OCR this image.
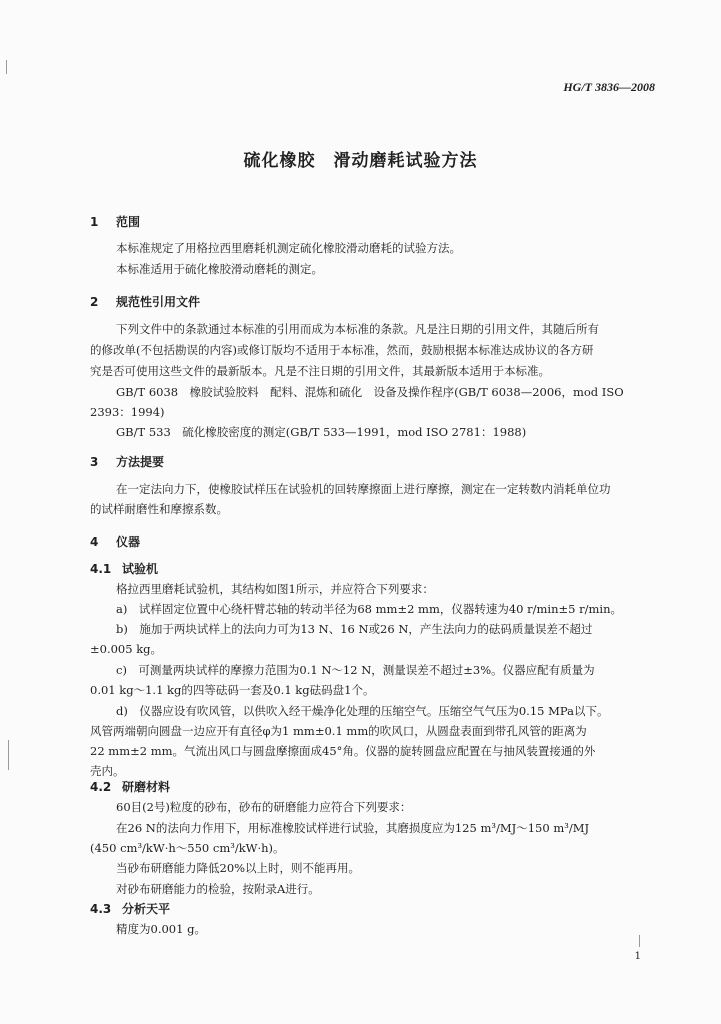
HG/T 3836—2008
硫化橡胶　滑动磨耗试验方法
1 范围
本标准规定了用格拉西里磨耗机测定硫化橡胶滑动磨耗的试验方法。
本标准适用于硫化橡胶滑动磨耗的测定。
2 规范性引用文件
下列文件中的条款通过本标准的引用而成为本标准的条款。凡是注日期的引用文件，其随后所有
的修改单(不包括勘误的内容)或修订版均不适用于本标准，然而，鼓励根据本标准达成协议的各方研
究是否可使用这些文件的最新版本。凡是不注日期的引用文件，其最新版本适用于本标准。
GB/T 6038　橡胶试验胶料　配料、混炼和硫化　设备及操作程序(GB/T 6038—2006，mod ISO
2393：1994)
GB/T 533　硫化橡胶密度的测定(GB/T 533—1991，mod ISO 2781：1988)
3 方法提要
在一定法向力下，使橡胶试样压在试验机的回转摩擦面上进行摩擦，测定在一定转数内消耗单位功
的试样耐磨性和摩擦系数。
4 仪器
4.1 试验机
格拉西里磨耗试验机，其结构如图1所示，并应符合下列要求：
a)　试样固定位置中心绕杆臂芯轴的转动半径为68 mm±2 mm，仪器转速为40 r/min±5 r/min。
b)　施加于两块试样上的法向力可为13 N、16 N或26 N，产生法向力的砝码质量误差不超过
±0.005 kg。
c)　可测量两块试样的摩擦力范围为0.1 N～12 N，测量误差不超过±3%。仪器应配有质量为
0.01 kg～1.1 kg的四等砝码一套及0.1 kg砝码盘1个。
d)　仪器应设有吹风管，以供吹入经干燥净化处理的压缩空气。压缩空气气压为0.15 MPa以下。
风管两端朝向圆盘一边应开有直径φ为1 mm±0.1 mm的吹风口，从圆盘表面到带孔风管的距离为
22 mm±2 mm。气流出风口与圆盘摩擦面成45°角。仪器的旋转圆盘应配置在与抽风装置接通的外
壳内。
4.2 研磨材料
60目(2号)粒度的砂布，砂布的研磨能力应符合下列要求：
在26 N的法向力作用下，用标准橡胶试样进行试验，其磨损度应为125 m³/MJ～150 m³/MJ
(450 cm³/kW·h～550 cm³/kW·h)。
当砂布研磨能力降低20%以上时，则不能再用。
对砂布研磨能力的检验，按附录A进行。
4.3 分析天平
精度为0.001 g。
1
